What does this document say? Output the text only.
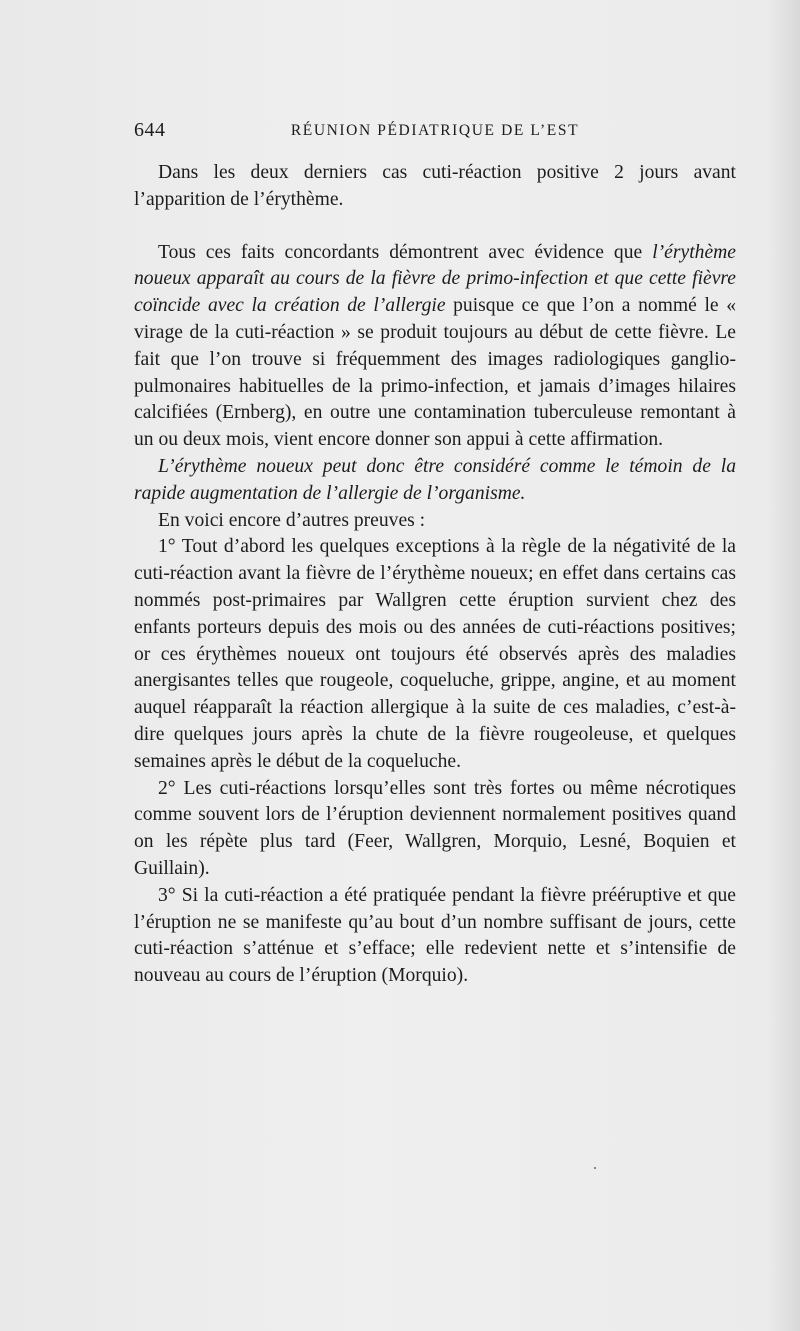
644	RÉUNION PÉDIATRIQUE DE L’EST

Dans les deux derniers cas cuti-réaction positive 2 jours avant l’apparition de l’érythème.

Tous ces faits concordants démontrent avec évidence que l’érythème noueux apparaît au cours de la fièvre de primo-infection et que cette fièvre coïncide avec la création de l’allergie puisque ce que l’on a nommé le « virage de la cuti-réaction » se produit toujours au début de cette fièvre. Le fait que l’on trouve si fréquemment des images radiologiques ganglio-pulmonaires habituelles de la primo-infection, et jamais d’images hilaires calcifiées (Ernberg), en outre une contamination tuberculeuse remontant à un ou deux mois, vient encore donner son appui à cette affirmation.

L’érythème noueux peut donc être considéré comme le témoin de la rapide augmentation de l’allergie de l’organisme.

En voici encore d’autres preuves :

1° Tout d’abord les quelques exceptions à la règle de la négativité de la cuti-réaction avant la fièvre de l’érythème noueux; en effet dans certains cas nommés post-primaires par Wallgren cette éruption survient chez des enfants porteurs depuis des mois ou des années de cuti-réactions positives; or ces érythèmes noueux ont toujours été observés après des maladies anergisantes telles que rougeole, coqueluche, grippe, angine, et au moment auquel réapparaît la réaction allergique à la suite de ces maladies, c’est-à-dire quelques jours après la chute de la fièvre rougeoleuse, et quelques semaines après le début de la coqueluche.

2° Les cuti-réactions lorsqu’elles sont très fortes ou même nécrotiques comme souvent lors de l’éruption deviennent normalement positives quand on les répète plus tard (Feer, Wallgren, Morquio, Lesné, Boquien et Guillain).

3° Si la cuti-réaction a été pratiquée pendant la fièvre prééruptive et que l’éruption ne se manifeste qu’au bout d’un nombre suffisant de jours, cette cuti-réaction s’atténue et s’efface; elle redevient nette et s’intensifie de nouveau au cours de l’éruption (Morquio).
